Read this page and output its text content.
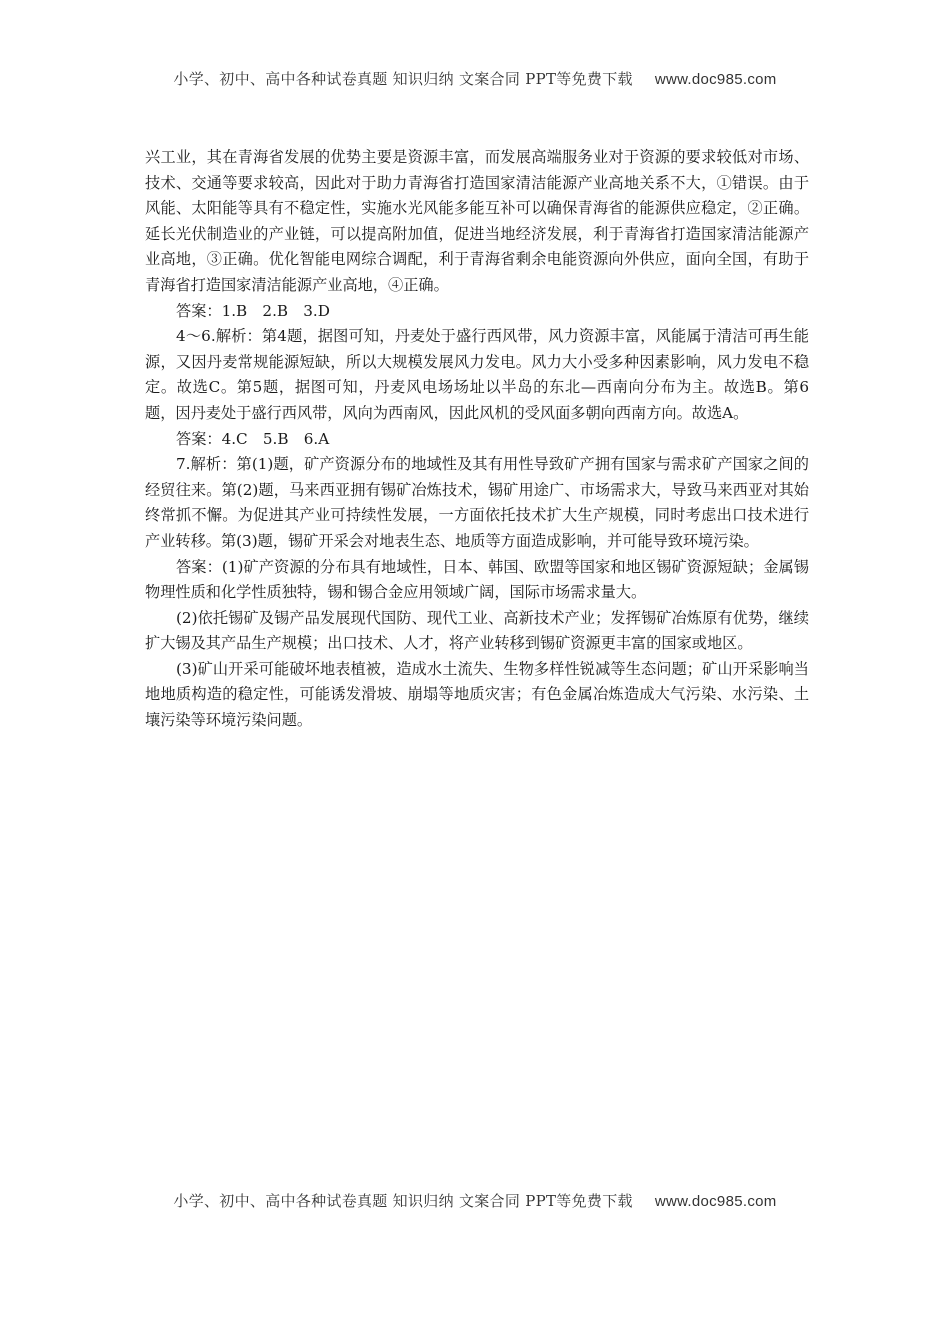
小学、初中、高中各种试卷真题 知识归纳 文案合同 PPT等免费下载 www.doc985.com

兴工业，其在青海省发展的优势主要是资源丰富，而发展高端服务业对于资源的要求较低对市场、技术、交通等要求较高，因此对于助力青海省打造国家清洁能源产业高地关系不大，①错误。由于风能、太阳能等具有不稳定性，实施水光风能多能互补可以确保青海省的能源供应稳定，②正确。延长光伏制造业的产业链，可以提高附加值，促进当地经济发展，利于青海省打造国家清洁能源产业高地，③正确。优化智能电网综合调配，利于青海省剩余电能资源向外供应，面向全国，有助于青海省打造国家清洁能源产业高地，④正确。

答案：1.B　2.B　3.D

4～6.解析：第4题，据图可知，丹麦处于盛行西风带，风力资源丰富，风能属于清洁可再生能源，又因丹麦常规能源短缺，所以大规模发展风力发电。风力大小受多种因素影响，风力发电不稳定。故选C。第5题，据图可知，丹麦风电场场址以半岛的东北—西南向分布为主。故选B。第6题，因丹麦处于盛行西风带，风向为西南风，因此风机的受风面多朝向西南方向。故选A。

答案：4.C　5.B　6.A

7.解析：第(1)题，矿产资源分布的地域性及其有用性导致矿产拥有国家与需求矿产国家之间的经贸往来。第(2)题，马来西亚拥有锡矿冶炼技术，锡矿用途广、市场需求大，导致马来西亚对其始终常抓不懈。为促进其产业可持续性发展，一方面依托技术扩大生产规模，同时考虑出口技术进行产业转移。第(3)题，锡矿开采会对地表生态、地质等方面造成影响，并可能导致环境污染。

答案：(1)矿产资源的分布具有地域性，日本、韩国、欧盟等国家和地区锡矿资源短缺；金属锡物理性质和化学性质独特，锡和锡合金应用领域广阔，国际市场需求量大。

(2)依托锡矿及锡产品发展现代国防、现代工业、高新技术产业；发挥锡矿冶炼原有优势，继续扩大锡及其产品生产规模；出口技术、人才，将产业转移到锡矿资源更丰富的国家或地区。

(3)矿山开采可能破坏地表植被，造成水土流失、生物多样性锐减等生态问题；矿山开采影响当地地质构造的稳定性，可能诱发滑坡、崩塌等地质灾害；有色金属冶炼造成大气污染、水污染、土壤污染等环境污染问题。

小学、初中、高中各种试卷真题 知识归纳 文案合同 PPT等免费下载 www.doc985.com
